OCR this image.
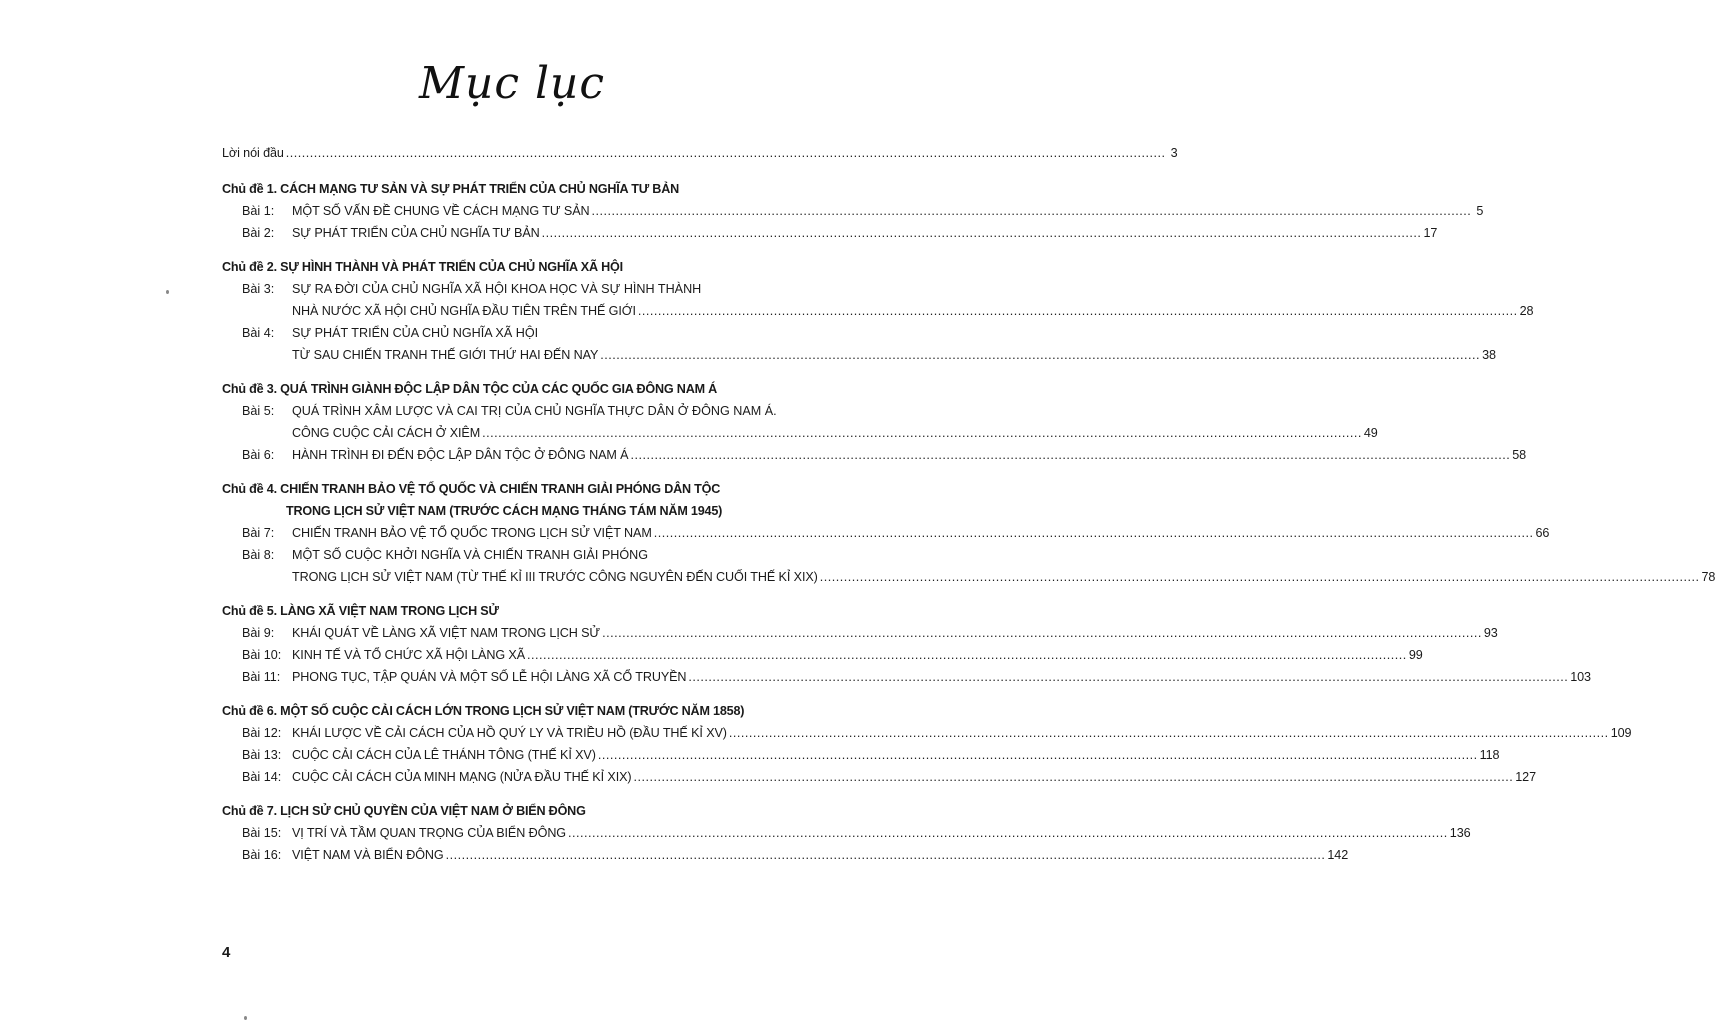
Mục lục
Lời nói đầu ............................................................................................................................................................................................................................ 3
Chủ đề 1. CÁCH MẠNG TƯ SẢN VÀ SỰ PHÁT TRIỂN CỦA CHỦ NGHĨA TƯ BẢN
Bài 1:	MỘT SỐ VẤN ĐỀ CHUNG VỀ CÁCH MẠNG TƯ SẢN ............................................................................................................................................................................................................................ 5
Bài 2:	SỰ PHÁT TRIỂN CỦA CHỦ NGHĨA TƯ BẢN ............................................................................................................................................................................................................................ 17
Chủ đề 2. SỰ HÌNH THÀNH VÀ PHÁT TRIỂN CỦA CHỦ NGHĨA XÃ HỘI
Bài 3:	SỰ RA ĐỜI CỦA CHỦ NGHĨA XÃ HỘI KHOA HỌC VÀ SỰ HÌNH THÀNH
NHÀ NƯỚC XÃ HỘI CHỦ NGHĨA ĐẦU TIÊN TRÊN THẾ GIỚI ............................................................................................................................................................................................................................ 28
Bài 4:	SỰ PHÁT TRIỂN CỦA CHỦ NGHĨA XÃ HỘI
TỪ SAU CHIẾN TRANH THẾ GIỚI THỨ HAI ĐẾN NAY ............................................................................................................................................................................................................................ 38
Chủ đề 3. QUÁ TRÌNH GIÀNH ĐỘC LẬP DÂN TỘC CỦA CÁC QUỐC GIA ĐÔNG NAM Á
Bài 5:	QUÁ TRÌNH XÂM LƯỢC VÀ CAI TRỊ CỦA CHỦ NGHĨA THỰC DÂN Ở ĐÔNG NAM Á.
CÔNG CUỘC CẢI CÁCH Ở XIÊM ............................................................................................................................................................................................................................ 49
Bài 6:	HÀNH TRÌNH ĐI ĐẾN ĐỘC LẬP DÂN TỘC Ở ĐÔNG NAM Á ............................................................................................................................................................................................................................ 58
Chủ đề 4. CHIẾN TRANH BẢO VỆ TỔ QUỐC VÀ CHIẾN TRANH GIẢI PHÓNG DÂN TỘC
TRONG LỊCH SỬ VIỆT NAM (TRƯỚC CÁCH MẠNG THÁNG TÁM NĂM 1945)
Bài 7:	CHIẾN TRANH BẢO VỆ TỔ QUỐC TRONG LỊCH SỬ VIỆT NAM ............................................................................................................................................................................................................................ 66
Bài 8:	MỘT SỐ CUỘC KHỞI NGHĨA VÀ CHIẾN TRANH GIẢI PHÓNG
TRONG LỊCH SỬ VIỆT NAM (TỪ THẾ KỈ III TRƯỚC CÔNG NGUYÊN ĐẾN CUỐI THẾ KỈ XIX) ............................................................................................................................................................................................................................ 78
Chủ đề 5. LÀNG XÃ VIỆT NAM TRONG LỊCH SỬ
Bài 9:	KHÁI QUÁT VỀ LÀNG XÃ VIỆT NAM TRONG LỊCH SỬ ............................................................................................................................................................................................................................ 93
Bài 10: KINH TẾ VÀ TỔ CHỨC XÃ HỘI LÀNG XÃ ............................................................................................................................................................................................................................ 99
Bài 11: PHONG TỤC, TẬP QUÁN VÀ MỘT SỐ LỄ HỘI LÀNG XÃ CỔ TRUYỀN ............................................................................................................................................................................................................................ 103
Chủ đề 6. MỘT SỐ CUỘC CẢI CÁCH LỚN TRONG LỊCH SỬ VIỆT NAM (TRƯỚC NĂM 1858)
Bài 12: KHÁI LƯỢC VỀ CẢI CÁCH CỦA HỒ QUÝ LY VÀ TRIỀU HỒ (ĐẦU THẾ KỈ XV) ............................................................................................................................................................................................................................ 109
Bài 13: CUỘC CẢI CÁCH CỦA LÊ THÁNH TÔNG (THẾ KỈ XV) ............................................................................................................................................................................................................................ 118
Bài 14: CUỘC CẢI CÁCH CỦA MINH MẠNG (NỬA ĐẦU THẾ KỈ XIX) ............................................................................................................................................................................................................................ 127
Chủ đề 7. LỊCH SỬ CHỦ QUYỀN CỦA VIỆT NAM Ở BIỂN ĐÔNG
Bài 15: VỊ TRÍ VÀ TẦM QUAN TRỌNG CỦA BIỂN ĐÔNG ............................................................................................................................................................................................................................ 136
Bài 16: VIỆT NAM VÀ BIỂN ĐÔNG ............................................................................................................................................................................................................................ 142
4
